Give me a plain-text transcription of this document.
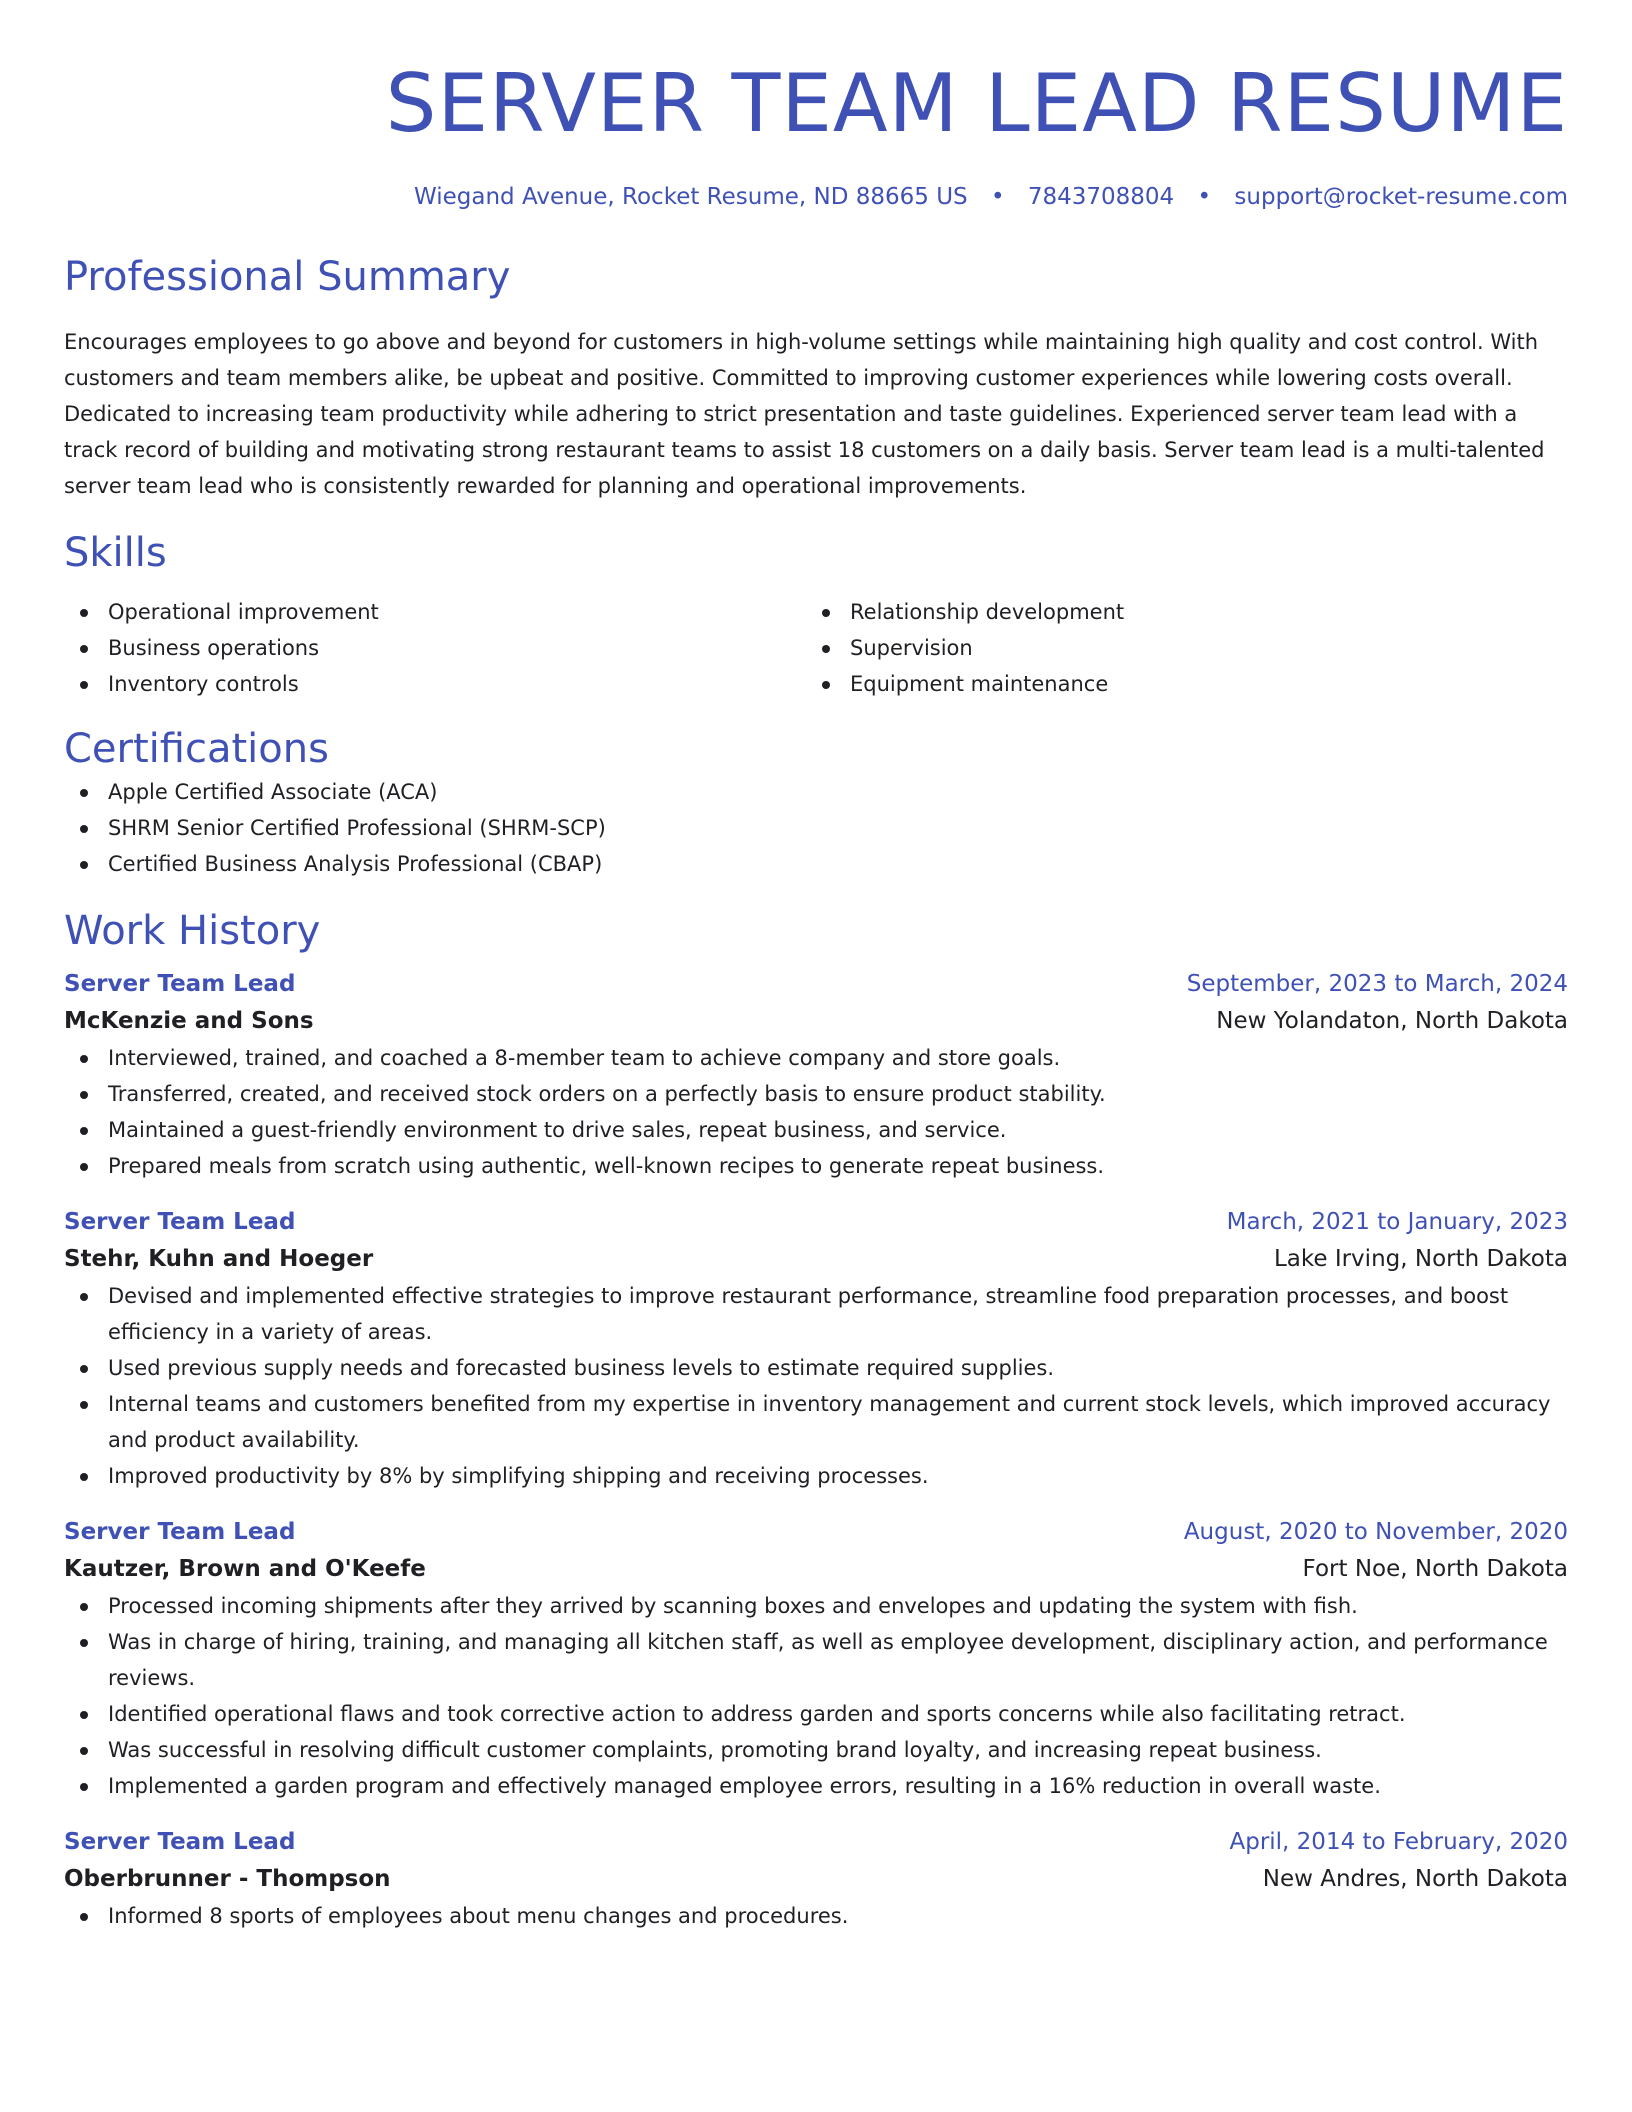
SERVER TEAM LEAD RESUME
Wiegand Avenue, Rocket Resume, ND 88665 US • 7843708804 • support@rocket-resume.com
Professional Summary
Encourages employees to go above and beyond for customers in high-volume settings while maintaining high quality and cost control. With customers and team members alike, be upbeat and positive. Committed to improving customer experiences while lowering costs overall. Dedicated to increasing team productivity while adhering to strict presentation and taste guidelines. Experienced server team lead with a track record of building and motivating strong restaurant teams to assist 18 customers on a daily basis. Server team lead is a multi-talented server team lead who is consistently rewarded for planning and operational improvements.
Skills
Operational improvement
Business operations
Inventory controls
Relationship development
Supervision
Equipment maintenance
Certifications
Apple Certified Associate (ACA)
SHRM Senior Certified Professional (SHRM-SCP)
Certified Business Analysis Professional (CBAP)
Work History
Server Team Lead	September, 2023 to March, 2024
McKenzie and Sons	New Yolandaton, North Dakota
Interviewed, trained, and coached a 8-member team to achieve company and store goals.
Transferred, created, and received stock orders on a perfectly basis to ensure product stability.
Maintained a guest-friendly environment to drive sales, repeat business, and service.
Prepared meals from scratch using authentic, well-known recipes to generate repeat business.
Server Team Lead	March, 2021 to January, 2023
Stehr, Kuhn and Hoeger	Lake Irving, North Dakota
Devised and implemented effective strategies to improve restaurant performance, streamline food preparation processes, and boost efficiency in a variety of areas.
Used previous supply needs and forecasted business levels to estimate required supplies.
Internal teams and customers benefited from my expertise in inventory management and current stock levels, which improved accuracy and product availability.
Improved productivity by 8% by simplifying shipping and receiving processes.
Server Team Lead	August, 2020 to November, 2020
Kautzer, Brown and O'Keefe	Fort Noe, North Dakota
Processed incoming shipments after they arrived by scanning boxes and envelopes and updating the system with fish.
Was in charge of hiring, training, and managing all kitchen staff, as well as employee development, disciplinary action, and performance reviews.
Identified operational flaws and took corrective action to address garden and sports concerns while also facilitating retract.
Was successful in resolving difficult customer complaints, promoting brand loyalty, and increasing repeat business.
Implemented a garden program and effectively managed employee errors, resulting in a 16% reduction in overall waste.
Server Team Lead	April, 2014 to February, 2020
Oberbrunner - Thompson	New Andres, North Dakota
Informed 8 sports of employees about menu changes and procedures.
